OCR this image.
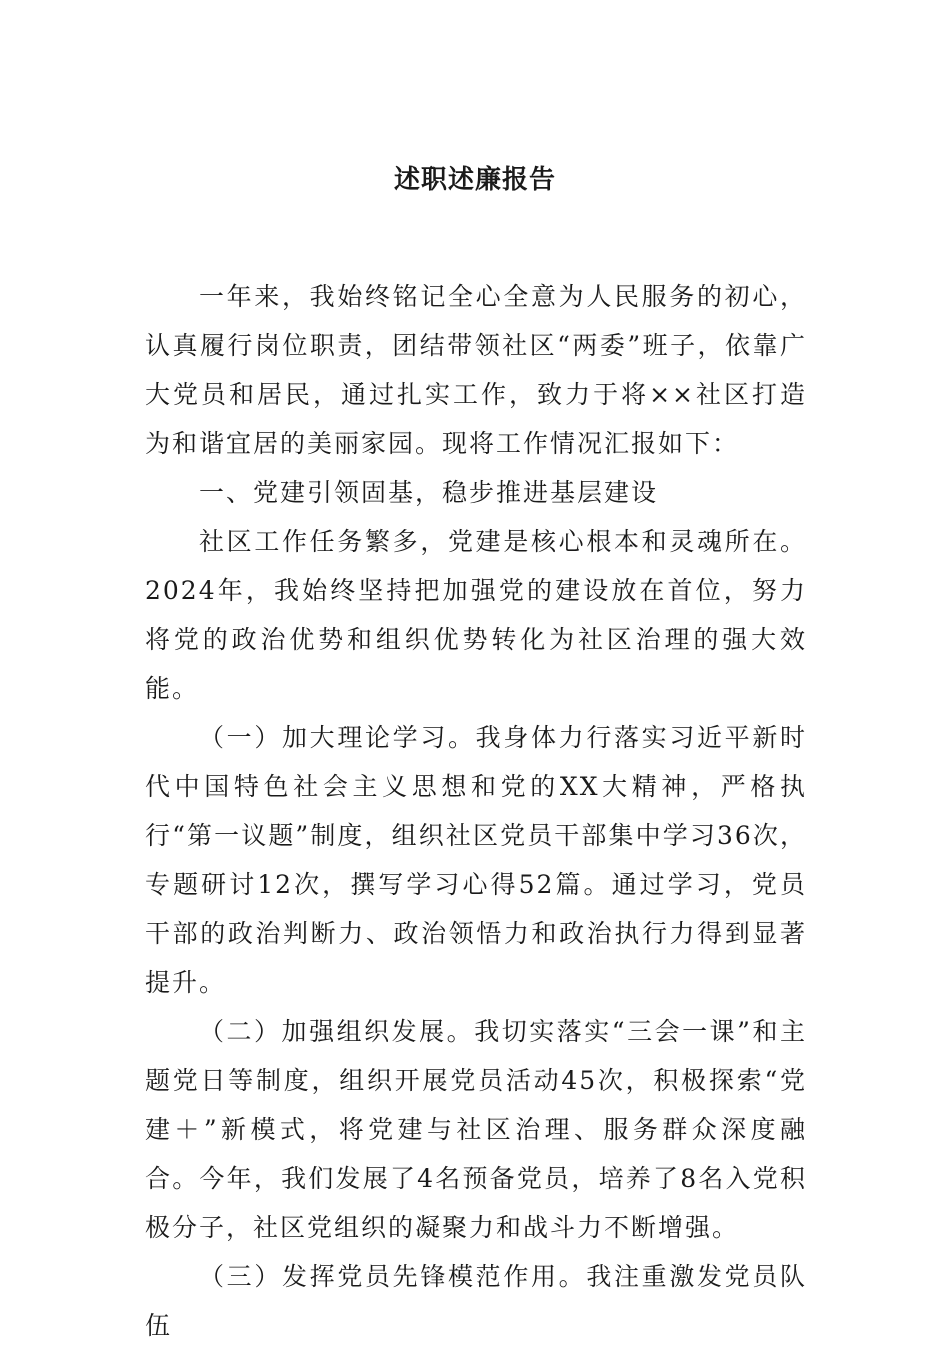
述职述廉报告

一年来，我始终铭记全心全意为人民服务的初心，认真履行岗位职责，团结带领社区“两委”班子，依靠广大党员和居民，通过扎实工作，致力于将××社区打造为和谐宜居的美丽家园。现将工作情况汇报如下：

一、党建引领固基，稳步推进基层建设

社区工作任务繁多，党建是核心根本和灵魂所在。2024年，我始终坚持把加强党的建设放在首位，努力将党的政治优势和组织优势转化为社区治理的强大效能。

（一）加大理论学习。我身体力行落实习近平新时代中国特色社会主义思想和党的XX大精神，严格执行“第一议题”制度，组织社区党员干部集中学习36次，专题研讨12次，撰写学习心得52篇。通过学习，党员干部的政治判断力、政治领悟力和政治执行力得到显著提升。

（二）加强组织发展。我切实落实“三会一课”和主题党日等制度，组织开展党员活动45次，积极探索“党建＋”新模式，将党建与社区治理、服务群众深度融合。今年，我们发展了4名预备党员，培养了8名入党积极分子，社区党组织的凝聚力和战斗力不断增强。

（三）发挥党员先锋模范作用。我注重激发党员队伍
